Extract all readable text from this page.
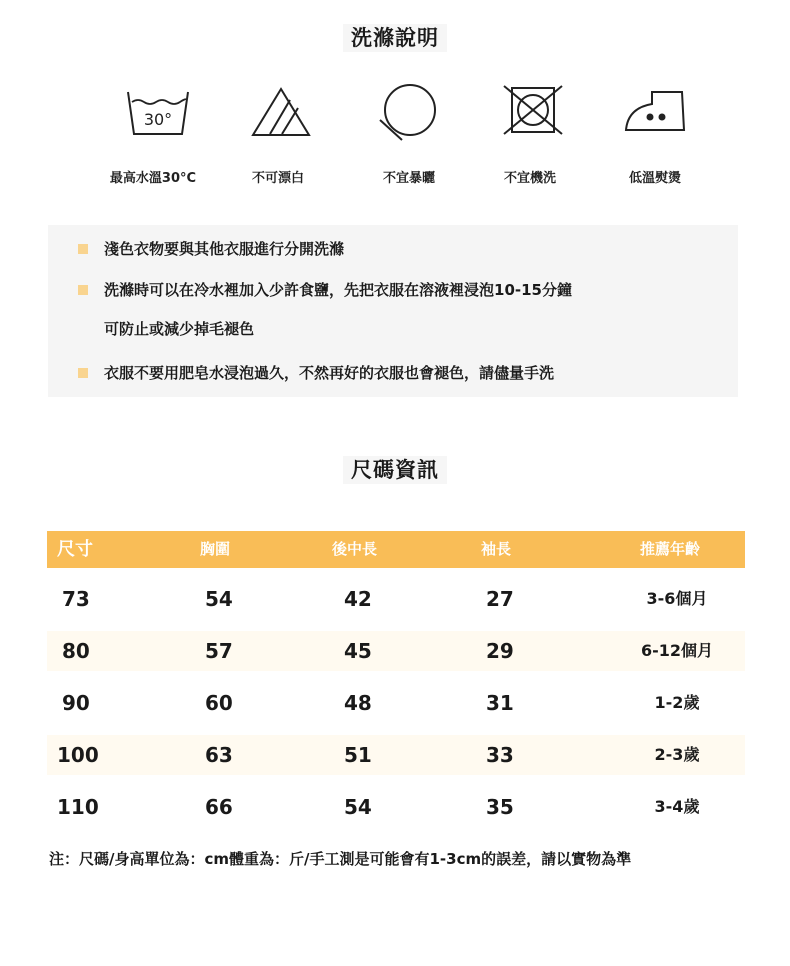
洗滌說明
30°
最高水溫30°C	不可漂白	不宜暴曬	不宜機洗	低溫熨燙
淺色衣物要與其他衣服進行分開洗滌
洗滌時可以在冷水裡加入少許食鹽，先把衣服在溶液裡浸泡10-15分鐘
可防止或減少掉毛褪色
衣服不要用肥皂水浸泡過久，不然再好的衣服也會褪色，請儘量手洗
尺碼資訊
尺寸	胸圍	後中長	袖長	推薦年齡
73	54	42	27	3-6個月
80	57	45	29	6-12個月
90	60	48	31	1-2歲
100	63	51	33	2-3歲
110	66	54	35	3-4歲
注：尺碼/身高單位為：cm體重為：斤/手工測是可能會有1-3cm的誤差，請以實物為準
